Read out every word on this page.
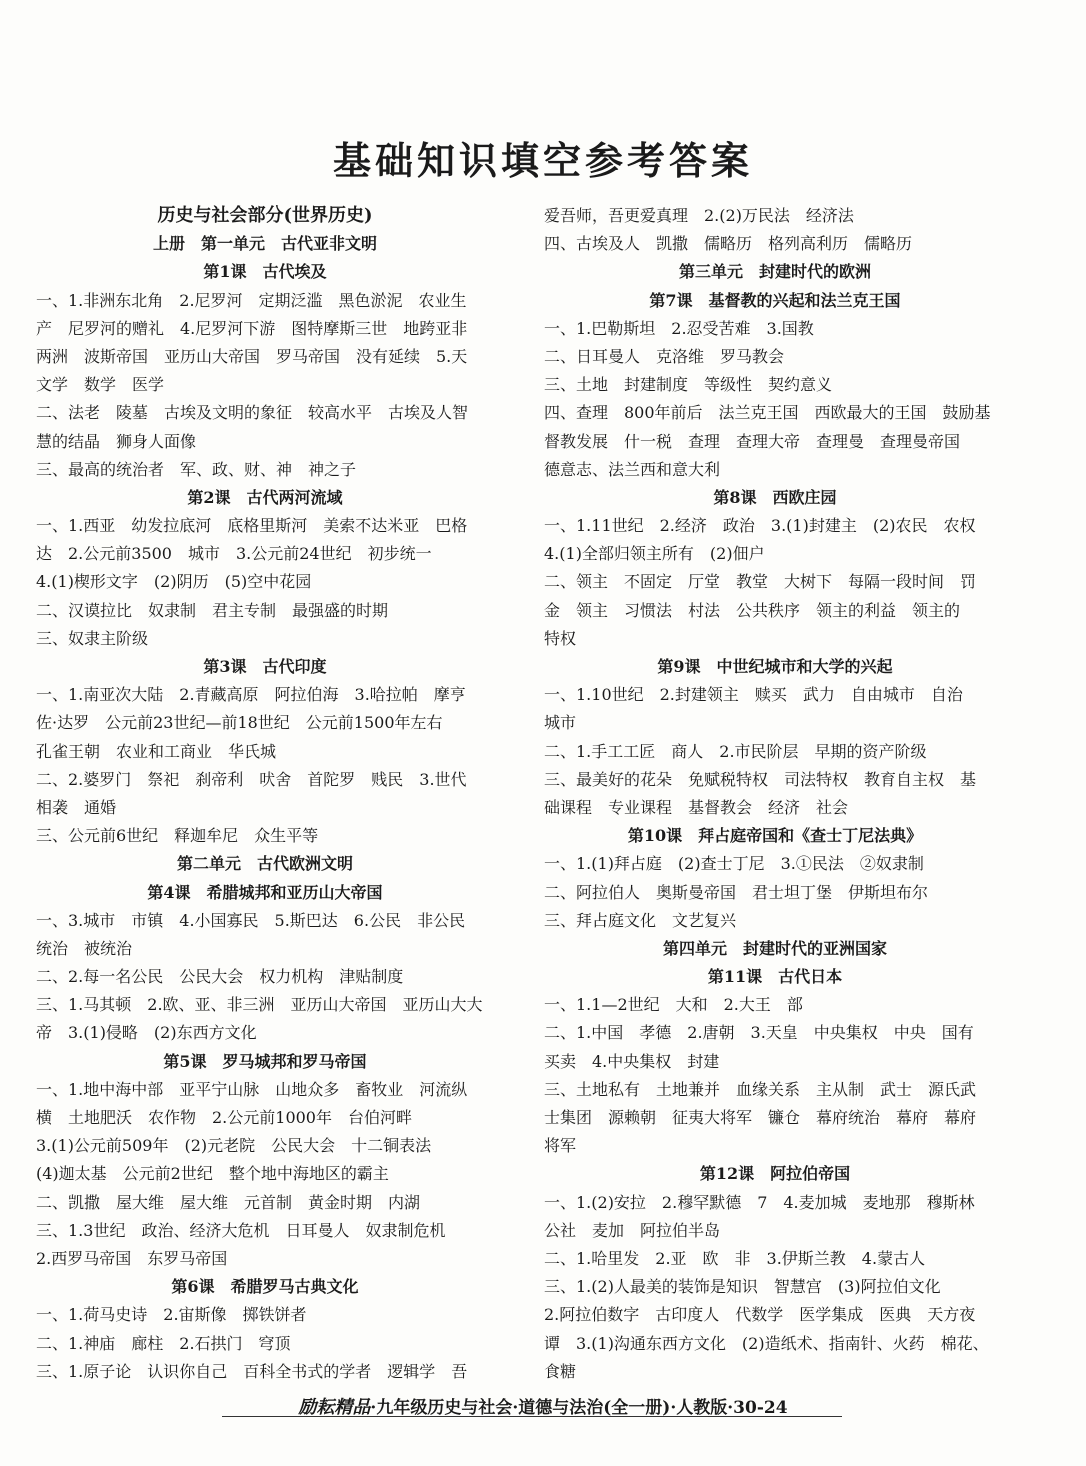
基础知识填空参考答案
历史与社会部分(世界历史)
上册　第一单元　古代亚非文明
第1课　古代埃及
一、1.非洲东北角　2.尼罗河　定期泛滥　黑色淤泥　农业生
产　尼罗河的赠礼　4.尼罗河下游　图特摩斯三世　地跨亚非
两洲　波斯帝国　亚历山大帝国　罗马帝国　没有延续　5.天
文学　数学　医学
二、法老　陵墓　古埃及文明的象征　较高水平　古埃及人智
慧的结晶　狮身人面像
三、最高的统治者　军、政、财、神　神之子
第2课　古代两河流域
一、1.西亚　幼发拉底河　底格里斯河　美索不达米亚　巴格
达　2.公元前3500　城市　3.公元前24世纪　初步统一
4.(1)楔形文字　(2)阴历　(5)空中花园
二、汉谟拉比　奴隶制　君主专制　最强盛的时期
三、奴隶主阶级
第3课　古代印度
一、1.南亚次大陆　2.青藏高原　阿拉伯海　3.哈拉帕　摩亨
佐·达罗　公元前23世纪—前18世纪　公元前1500年左右
孔雀王朝　农业和工商业　华氏城
二、2.婆罗门　祭祀　刹帝利　吠舍　首陀罗　贱民　3.世代
相袭　通婚
三、公元前6世纪　释迦牟尼　众生平等
第二单元　古代欧洲文明
第4课　希腊城邦和亚历山大帝国
一、3.城市　市镇　4.小国寡民　5.斯巴达　6.公民　非公民
统治　被统治
二、2.每一名公民　公民大会　权力机构　津贴制度
三、1.马其顿　2.欧、亚、非三洲　亚历山大帝国　亚历山大大
帝　3.(1)侵略　(2)东西方文化
第5课　罗马城邦和罗马帝国
一、1.地中海中部　亚平宁山脉　山地众多　畜牧业　河流纵
横　土地肥沃　农作物　2.公元前1000年　台伯河畔
3.(1)公元前509年　(2)元老院　公民大会　十二铜表法
(4)迦太基　公元前2世纪　整个地中海地区的霸主
二、凯撒　屋大维　屋大维　元首制　黄金时期　内湖
三、1.3世纪　政治、经济大危机　日耳曼人　奴隶制危机
2.西罗马帝国　东罗马帝国
第6课　希腊罗马古典文化
一、1.荷马史诗　2.宙斯像　掷铁饼者
二、1.神庙　廊柱　2.石拱门　穹顶
三、1.原子论　认识你自己　百科全书式的学者　逻辑学　吾
爱吾师，吾更爱真理　2.(2)万民法　经济法
四、古埃及人　凯撒　儒略历　格列高利历　儒略历
第三单元　封建时代的欧洲
第7课　基督教的兴起和法兰克王国
一、1.巴勒斯坦　2.忍受苦难　3.国教
二、日耳曼人　克洛维　罗马教会
三、土地　封建制度　等级性　契约意义
四、查理　800年前后　法兰克王国　西欧最大的王国　鼓励基
督教发展　什一税　查理　查理大帝　查理曼　查理曼帝国
德意志、法兰西和意大利
第8课　西欧庄园
一、1.11世纪　2.经济　政治　3.(1)封建主　(2)农民　农权
4.(1)全部归领主所有　(2)佃户
二、领主　不固定　厅堂　教堂　大树下　每隔一段时间　罚
金　领主　习惯法　村法　公共秩序　领主的利益　领主的
特权
第9课　中世纪城市和大学的兴起
一、1.10世纪　2.封建领主　赎买　武力　自由城市　自治
城市
二、1.手工工匠　商人　2.市民阶层　早期的资产阶级
三、最美好的花朵　免赋税特权　司法特权　教育自主权　基
础课程　专业课程　基督教会　经济　社会
第10课　拜占庭帝国和《查士丁尼法典》
一、1.(1)拜占庭　(2)查士丁尼　3.①民法　②奴隶制
二、阿拉伯人　奥斯曼帝国　君士坦丁堡　伊斯坦布尔
三、拜占庭文化　文艺复兴
第四单元　封建时代的亚洲国家
第11课　古代日本
一、1.1—2世纪　大和　2.大王　部
二、1.中国　孝德　2.唐朝　3.天皇　中央集权　中央　国有
买卖　4.中央集权　封建
三、土地私有　土地兼并　血缘关系　主从制　武士　源氏武
士集团　源赖朝　征夷大将军　镰仓　幕府统治　幕府　幕府
将军
第12课　阿拉伯帝国
一、1.(2)安拉　2.穆罕默德　7　4.麦加城　麦地那　穆斯林
公社　麦加　阿拉伯半岛
二、1.哈里发　2.亚　欧　非　3.伊斯兰教　4.蒙古人
三、1.(2)人最美的装饰是知识　智慧宫　(3)阿拉伯文化
2.阿拉伯数字　古印度人　代数学　医学集成　医典　天方夜
谭　3.(1)沟通东西方文化　(2)造纸术、指南针、火药　棉花、
食糖
励耘精品·九年级历史与社会·道德与法治(全一册)·人教版·30-24
